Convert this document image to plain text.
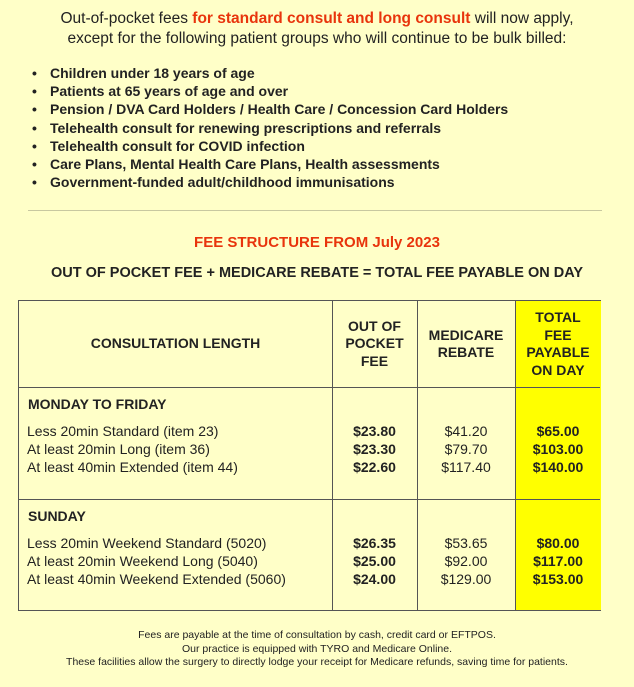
Out-of-pocket fees for standard consult and long consult will now apply,
except for the following patient groups who will continue to be bulk billed:
• Children under 18 years of age
• Patients at 65 years of age and over
• Pension / DVA Card Holders / Health Care / Concession Card Holders
• Telehealth consult for renewing prescriptions and referrals
• Telehealth consult for COVID infection
• Care Plans, Mental Health Care Plans, Health assessments
• Government-funded adult/childhood immunisations
FEE STRUCTURE FROM July 2023
OUT OF POCKET FEE + MEDICARE REBATE = TOTAL FEE PAYABLE ON DAY
CONSULTATION LENGTH
OUT OF
POCKET
FEE
MEDICARE
REBATE
TOTAL
FEE
PAYABLE
ON DAY
MONDAY TO FRIDAY
Less 20min Standard (item 23)
At least 20min Long (item 36)
At least 40min Extended (item 44)
$23.80
$23.30
$22.60
$41.20
$79.70
$117.40
$65.00
$103.00
$140.00
SUNDAY
Less 20min Weekend Standard (5020)
At least 20min Weekend Long (5040)
At least 40min Weekend Extended (5060)
$26.35
$25.00
$24.00
$53.65
$92.00
$129.00
$80.00
$117.00
$153.00
Fees are payable at the time of consultation by cash, credit card or EFTPOS.
Our practice is equipped with TYRO and Medicare Online.
These facilities allow the surgery to directly lodge your receipt for Medicare refunds, saving time for patients.
